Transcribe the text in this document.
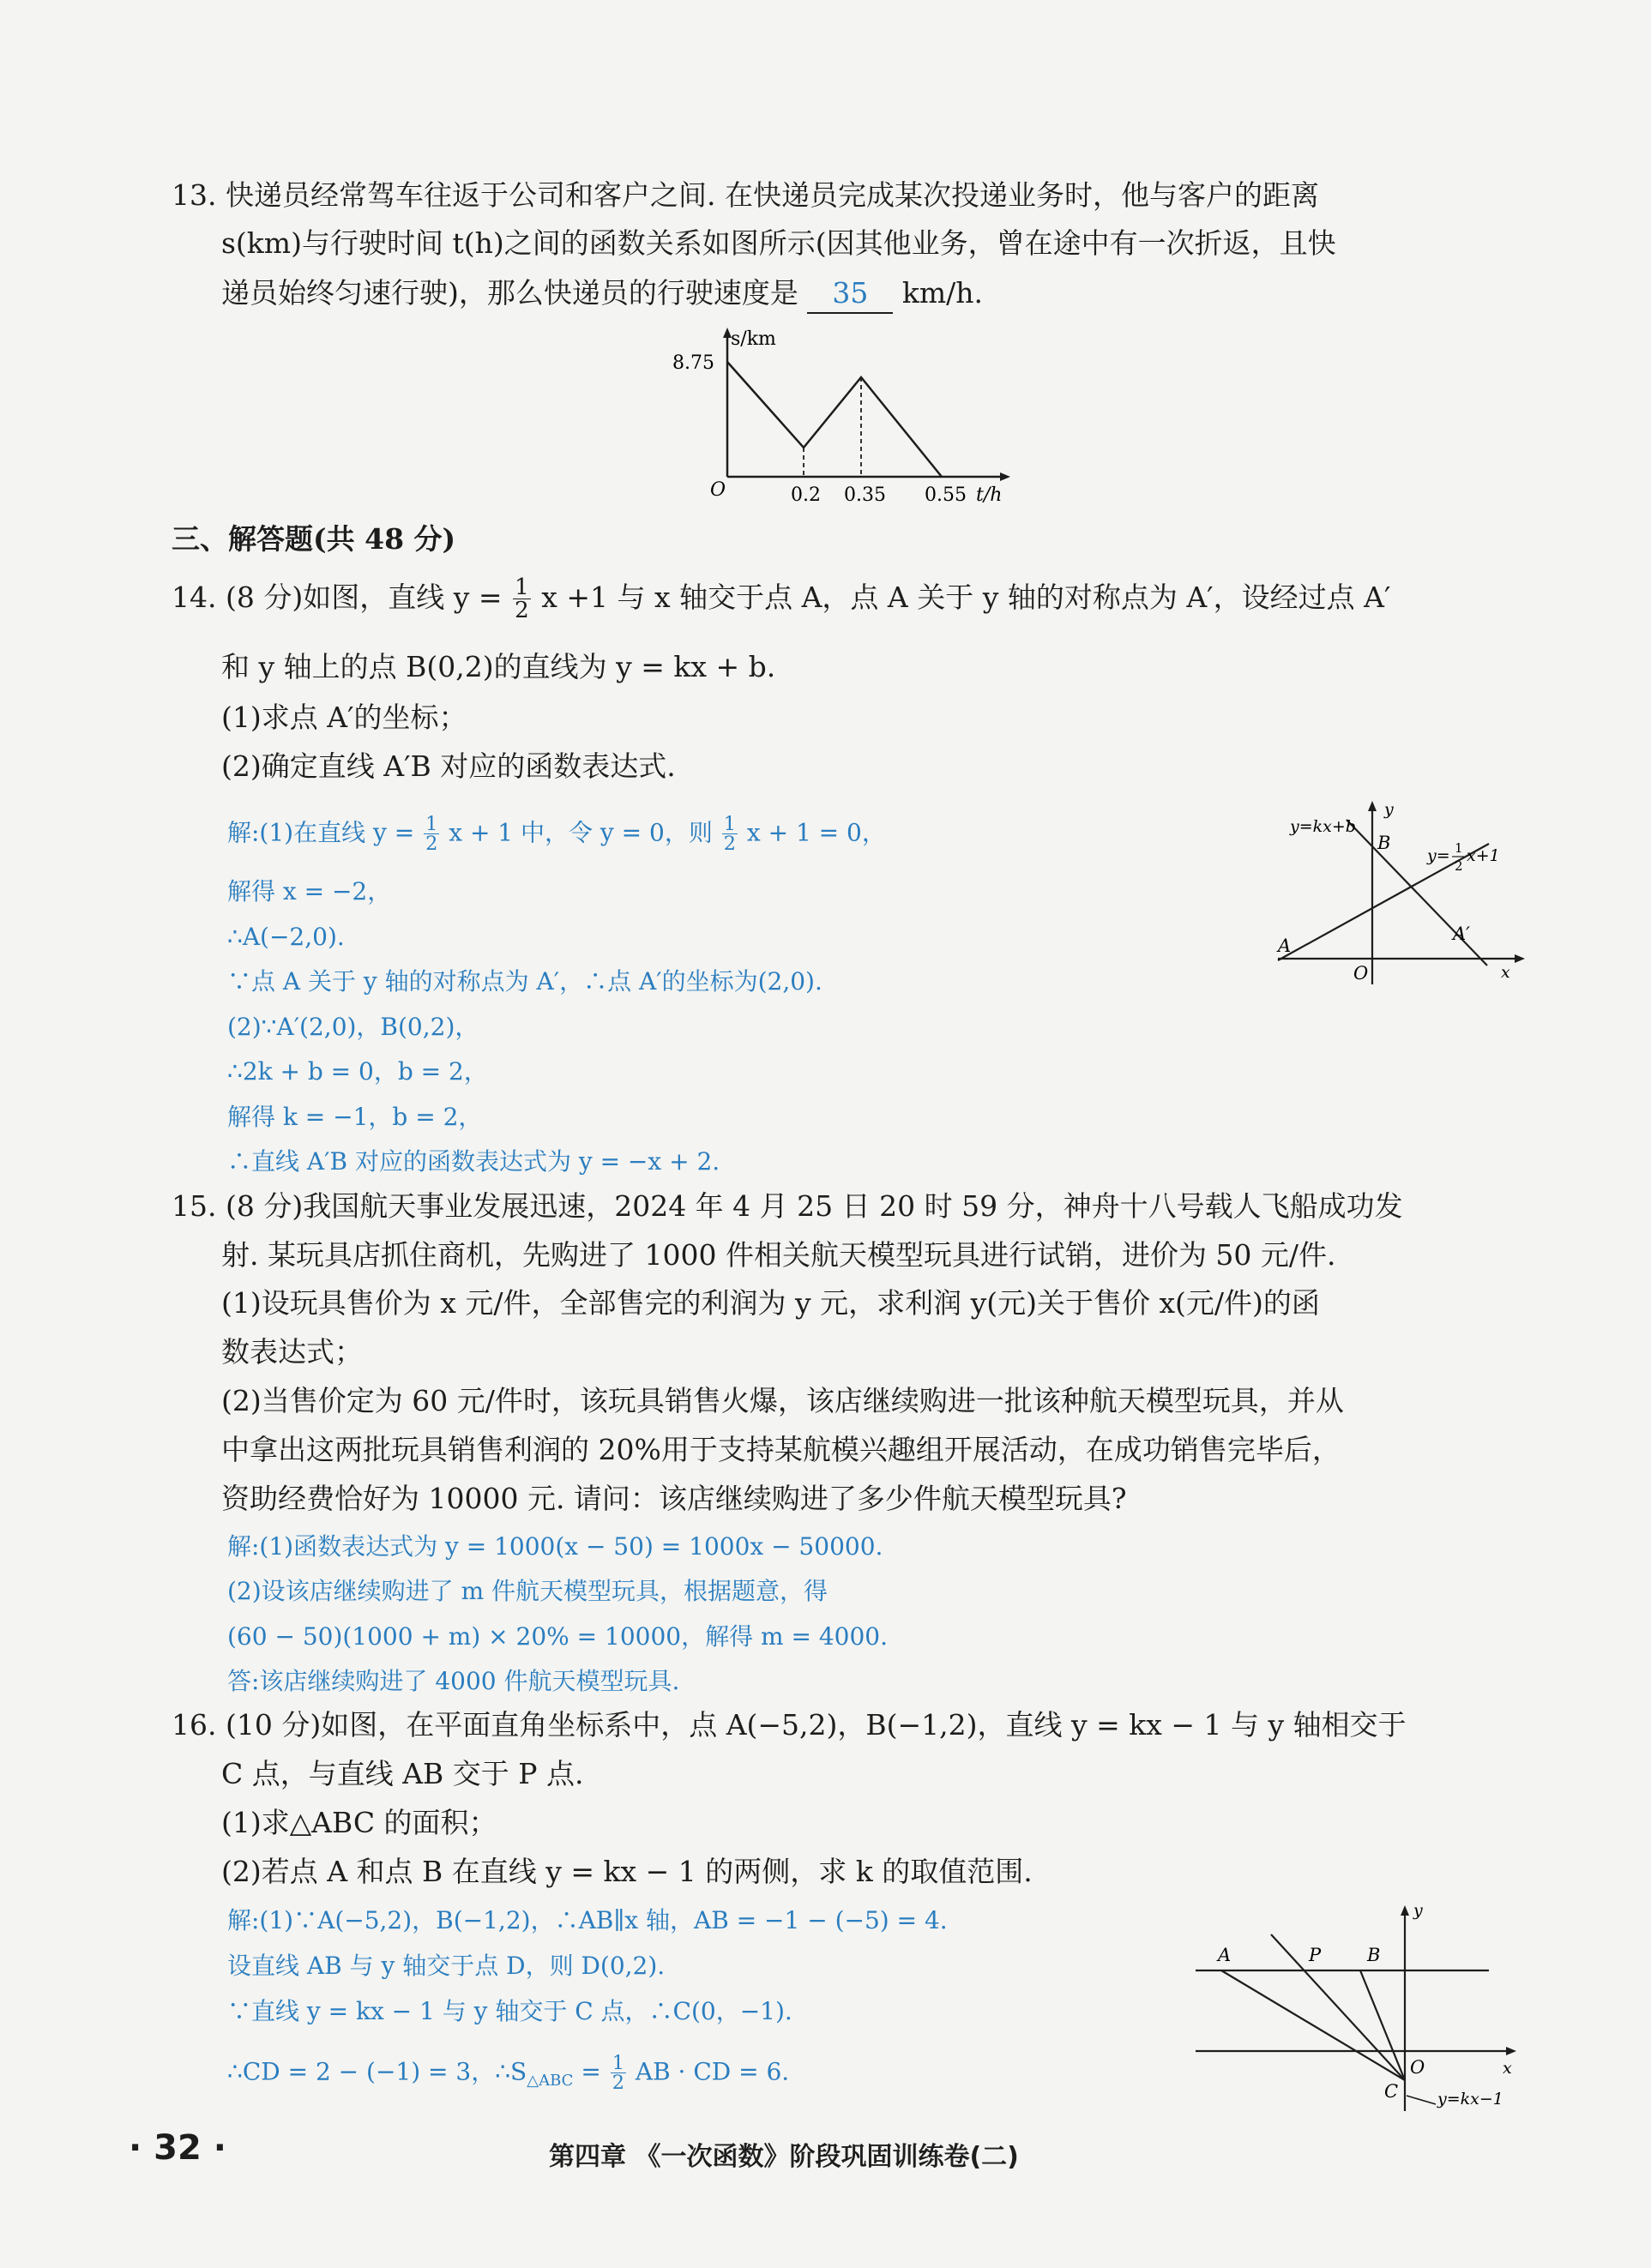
13. 快递员经常驾车往返于公司和客户之间. 在快递员完成某次投递业务时，他与客户的距离
s(km)与行驶时间 t(h)之间的函数关系如图所示(因其他业务，曾在途中有一次折返，且快
递员始终匀速行驶)，那么快递员的行驶速度是 35 km/h.
s/km
8.75
O	0.2 0.35 0.55 t/h
三、解答题(共 48 分)
14. (8 分)如图，直线 $y = \frac{1}{2}$ x +1 与 x 轴交于点 A，点 A 关于 y 轴的对称点为 A′，设经过点 A′
和 y 轴上的点 B(0,2)的直线为 y = kx + b.
(1)求点 A′的坐标；
(2)确定直线 A′B 对应的函数表达式.
解:(1)在直线 $y = \frac{1}{2}$ x + 1 中，令 y = 0，则 $\frac{1}{2}$ x + 1 = 0，
解得 x = −2，
∴A(−2,0).
∵点 A 关于 y 轴的对称点为 A′，∴点 A′的坐标为(2,0).
(2)∵A′(2,0)，B(0,2)，
∴2k + b = 0，b = 2，
解得 k = −1，b = 2，
∴直线 A′B 对应的函数表达式为 y = −x + 2.
y=kx+b
B
y= 1
2
x+1
y
A
A′
O	x
15. (8 分)我国航天事业发展迅速，2024 年 4 月 25 日 20 时 59 分，神舟十八号载人飞船成功发
射. 某玩具店抓住商机，先购进了 1000 件相关航天模型玩具进行试销，进价为 50 元/件.
(1)设玩具售价为 x 元/件，全部售完的利润为 y 元，求利润 y(元)关于售价 x(元/件)的函
数表达式；
(2)当售价定为 60 元/件时，该玩具销售火爆，该店继续购进一批该种航天模型玩具，并从
中拿出这两批玩具销售利润的 20%用于支持某航模兴趣组开展活动，在成功销售完毕后，
资助经费恰好为 10000 元. 请问：该店继续购进了多少件航天模型玩具?
解:(1)函数表达式为 y = 1000(x − 50) = 1000x − 50000.
(2)设该店继续购进了 m 件航天模型玩具，根据题意，得
(60 − 50)(1000 + m) × 20% = 10000，解得 m = 4000.
答:该店继续购进了 4000 件航天模型玩具.
16. (10 分)如图，在平面直角坐标系中，点 A(−5,2)，B(−1,2)，直线 y = kx − 1 与 y 轴相交于
C 点，与直线 AB 交于 P 点.
(1)求△ABC 的面积；
(2)若点 A 和点 B 在直线 y = kx − 1 的两侧，求 k 的取值范围.
解:(1)∵A(−5,2)，B(−1,2)，∴AB∥x 轴，AB = −1 − (−5) = 4.
设直线 AB 与 y 轴交于点 D，则 D(0,2).
∵直线 y = kx − 1 与 y 轴交于 C 点，∴C(0，−1).
∴CD = 2 − (−1) = 3，$\therefore S_{\triangle ABC} = \frac{1}{2}$ AB · CD = 6.
A	P	B
y
O	x
C y=kx−1
· 32 ·	第四章 《一次函数》阶段巩固训练卷(二)
